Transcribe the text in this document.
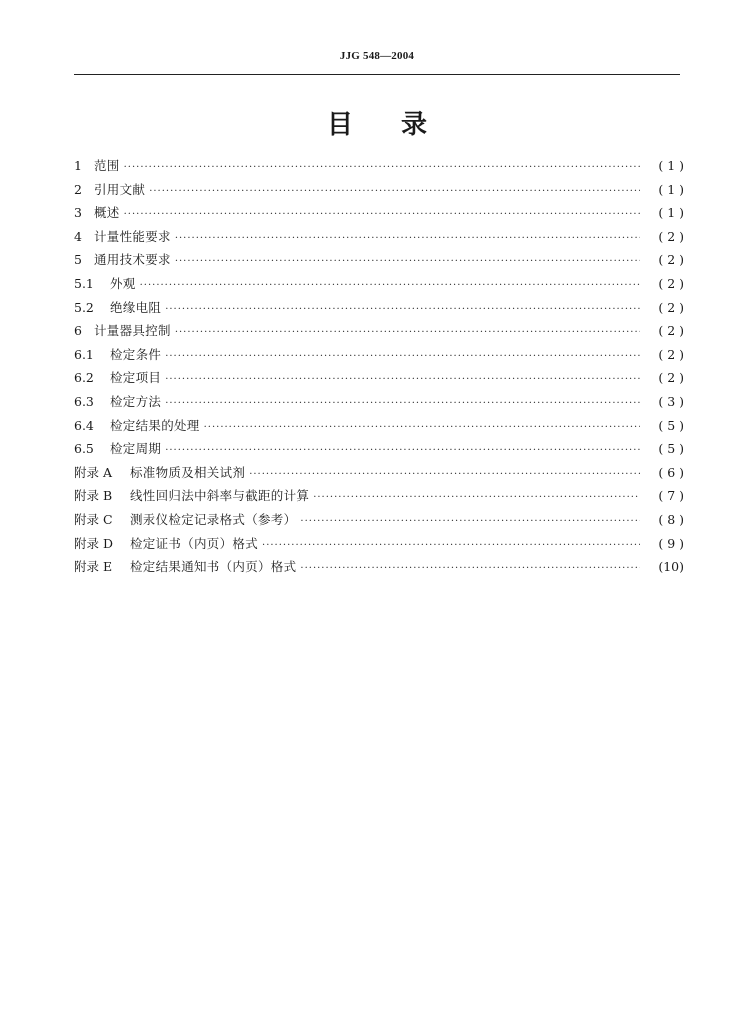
JJG 548—2004
目 录
1 范围 ·····	( 1 )
2 引用文献 ·····	( 1 )
3 概述 ·····	( 1 )
4 计量性能要求 ·····	( 2 )
5 通用技术要求 ·····	( 2 )
5.1	外观 ·····	( 2 )
5.2	绝缘电阻 ·····	( 2 )
6 计量器具控制 ·····	( 2 )
6.1	检定条件 ·····	( 2 )
6.2	检定项目 ·····	( 2 )
6.3	检定方法 ·····	( 3 )
6.4	检定结果的处理 ·····	( 5 )
6.5	检定周期 ·····	( 5 )
附录 A	标准物质及相关试剂 ·····	( 6 )
附录 B	线性回归法中斜率与截距的计算 ·····	( 7 )
附录 C	测汞仪检定记录格式（参考） ·····	( 8 )
附录 D	检定证书（内页）格式 ·····	( 9 )
附录 E	检定结果通知书（内页）格式 ·····	(10)
